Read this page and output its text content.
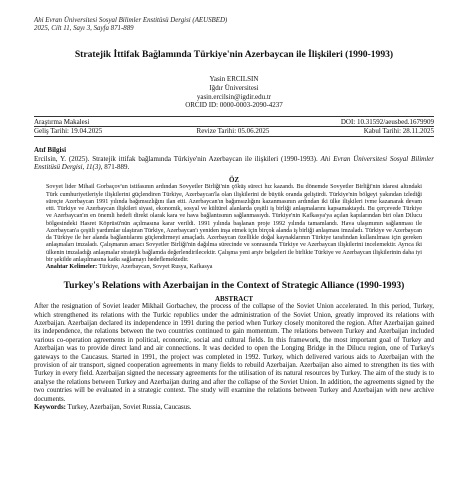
Ahi Evran Üniversitesi Sosyal Bilimler Enstitüsü Dergisi (AEUSBED)
2025, Cilt 11, Sayı 3, Sayfa 871-889
Stratejik İttifak Bağlamında Türkiye'nin Azerbaycan ile İlişkileri (1990-1993)
Yasin ERCILSIN
Iğdır Üniversitesi
yasin.ercilsin@igdir.edu.tr
ORCID ID: 0000-0003-2090-4237
Araştırma Makalesi	DOI: 10.31592/aeusbed.1679909
Geliş Tarihi: 19.04.2025	Revize Tarihi: 05.06.2025	Kabul Tarihi: 28.11.2025
Atıf Bilgisi
Ercilsin, Y. (2025). Stratejik ittifak bağlamında Türkiye'nin Azerbaycan ile ilişkileri (1990-1993). Ahi Evran Üniversitesi Sosyal Bilimler Enstitüsü Dergisi, 11(3), 871-889.
ÖZ
Sovyet lider Mihail Gorbaçov'un istifasının ardından Sovyetler Birliği'nin çöküş süreci hız kazandı. Bu dönemde Sovyetler Birliği'nin idaresi altındaki Türk cumhuriyetleriyle ilişkilerini güçlendiren Türkiye, Azerbaycan'la olan ilişkilerini de büyük oranda geliştirdi. Türkiye'nin bölgeyi yakından izlediği süreçte Azerbaycan 1991 yılında bağımsızlığını ilan etti. Azerbaycan'ın bağımsızlığını kazanmasının ardından iki ülke ilişkileri ivme kazanarak devam etti. Türkiye ve Azerbaycan ilişkileri siyasi, ekonomik, sosyal ve kültürel alanlarda çeşitli iş birliği anlaşmalarını kapsamaktaydı. Bu çerçevede Türkiye ve Azerbaycan'ın en önemli hedefi direkt olarak kara ve hava bağlantısının sağlanmasıydı. Türkiye'nin Kafkasya'ya açılan kapılarından biri olan Dilucu bölgesindeki Hasret Köprüsü'nün açılmasına karar verildi. 1991 yılında başlanan proje 1992 yılında tamamlandı. Hava ulaşımının sağlanması ile Azerbaycan'a çeşitli yardımlar ulaştıran Türkiye, Azerbaycan'ı yeniden inşa etmek için birçok alanda iş birliği anlaşması imzaladı. Türkiye ve Azerbaycan da Türkiye ile her alanda bağlantılarını güçlendirmeyi amaçladı. Azerbaycan özellikle doğal kaynaklarının Türkiye tarafından kullanılması için gereken anlaşmaları imzaladı. Çalışmanın amacı Sovyetler Birliği'nin dağılma sürecinde ve sonrasında Türkiye ve Azerbaycan ilişkilerini incelemektir. Ayrıca iki ülkenin imzaladığı anlaşmalar stratejik bağlamda değerlendirilecektir. Çalışma yeni arşiv belgeleri ile birlikte Türkiye ve Azerbaycan ilişkilerinin daha iyi bir şekilde anlaşılmasına katkı sağlamayı hedeflemektedir.
Anahtar Kelimeler: Türkiye, Azerbaycan, Sovyet Rusya, Kafkasya
Turkey's Relations with Azerbaijan in the Context of Strategic Alliance (1990-1993)
ABSTRACT
After the resignation of Soviet leader Mikhail Gorbachev, the process of the collapse of the Soviet Union accelerated. In this period, Turkey, which strengthened its relations with the Turkic republics under the administration of the Soviet Union, greatly improved its relations with Azerbaijan. Azerbaijan declared its independence in 1991 during the period when Turkey closely monitored the region. After Azerbaijan gained its independence, the relations between the two countries continued to gain momentum. The relations between Turkey and Azerbaijan included various co-operation agreements in political, economic, social and cultural fields. In this framework, the most important goal of Turkey and Azerbaijan was to provide direct land and air connections. It was decided to open the Longing Bridge in the Dilucu region, one of Turkey's gateways to the Caucasus. Started in 1991, the project was completed in 1992. Turkey, which delivered various aids to Azerbaijan with the provision of air transport, signed cooperation agreements in many fields to rebuild Azerbaijan. Azerbaijan also aimed to strengthen its ties with Turkey in every field. Azerbaijan signed the necessary agreements for the utilisation of its natural resources by Turkey. The aim of the study is to analyse the relations between Turkey and Azerbaijan during and after the collapse of the Soviet Union. In addition, the agreements signed by the two countries will be evaluated in a strategic context. The study will examine the relations between Turkey and Azerbaijan with new archive documents.
Keywords: Turkey, Azerbaijan, Soviet Russia, Caucasus.
